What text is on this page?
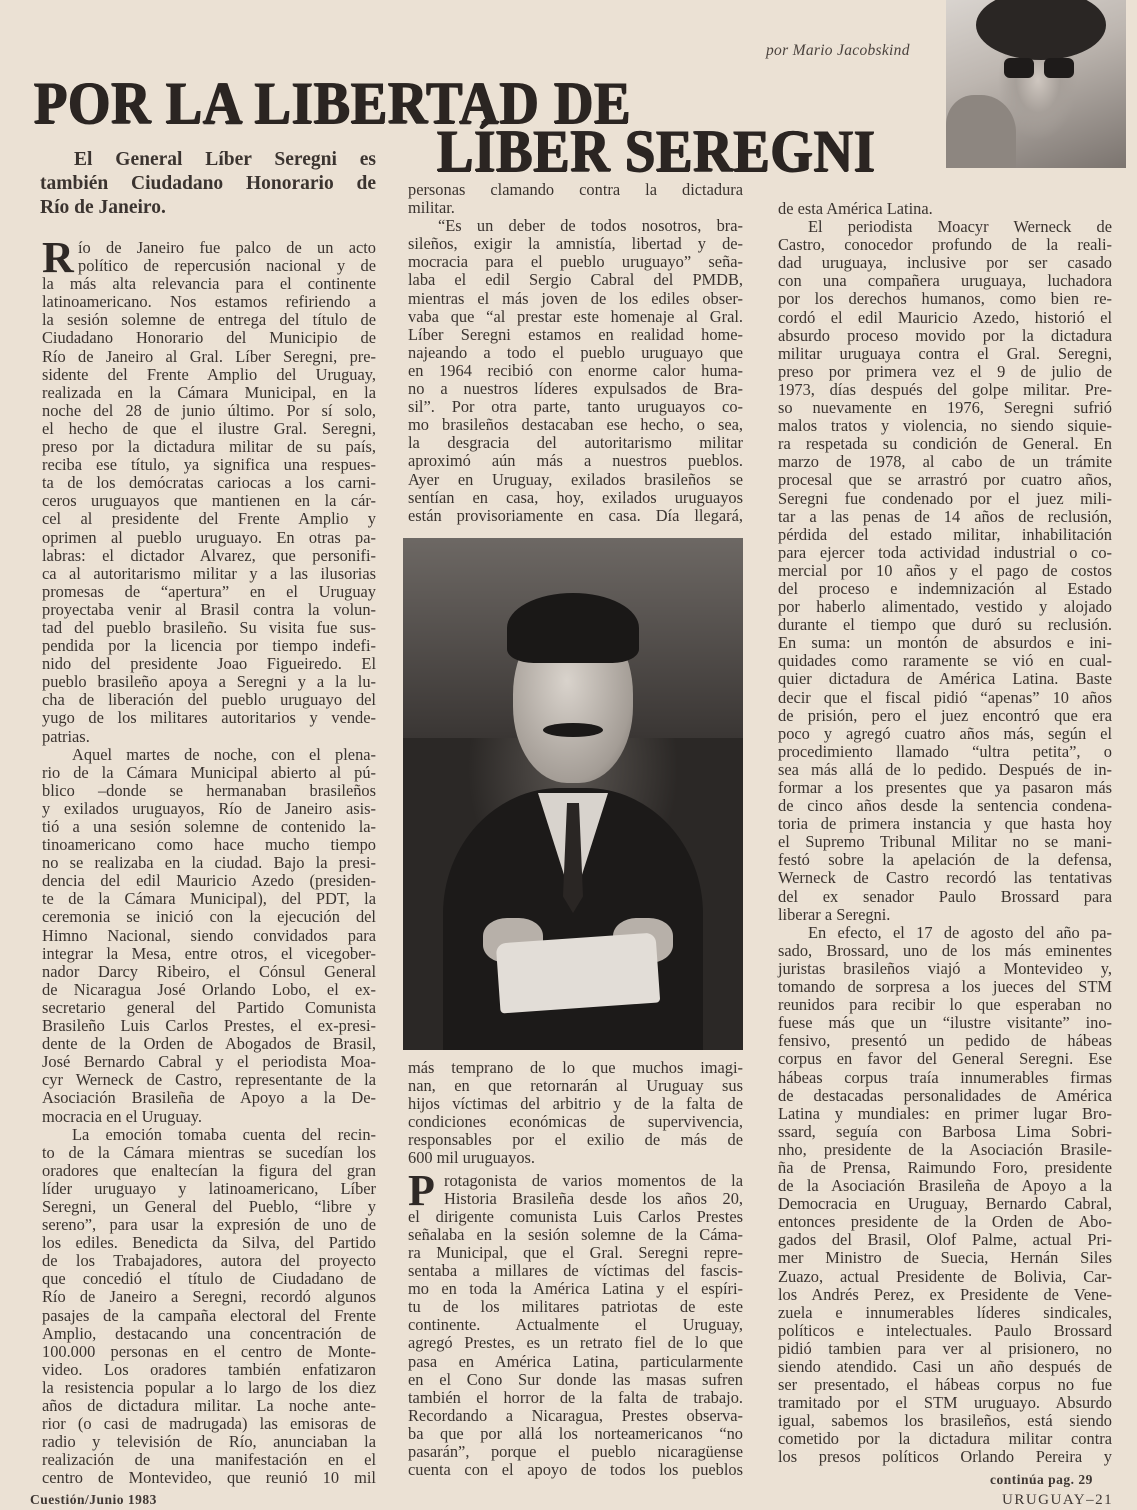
por Mario Jacobskind
POR LA LIBERTAD DE
LÍBER SEREGNI
El General Líber Seregni es
también Ciudadano Honorario de
Río de Janeiro.
R ío de Janeiro fue palco de un acto
político de repercusión nacional y de
la más alta relevancia para el continente
latinoamericano. Nos estamos refiriendo a
la sesión solemne de entrega del título de
Ciudadano Honorario del Municipio de
Río de Janeiro al Gral. Líber Seregni, pre-
sidente del Frente Amplio del Uruguay,
realizada en la Cámara Municipal, en la
noche del 28 de junio último. Por sí solo,
el hecho de que el ilustre Gral. Seregni,
preso por la dictadura militar de su país,
reciba ese título, ya significa una respues-
ta de los demócratas cariocas a los carni-
ceros uruguayos que mantienen en la cár-
cel al presidente del Frente Amplio y
oprimen al pueblo uruguayo. En otras pa-
labras: el dictador Alvarez, que personifi-
ca al autoritarismo militar y a las ilusorias
promesas de “apertura” en el Uruguay
proyectaba venir al Brasil contra la volun-
tad del pueblo brasileño. Su visita fue sus-
pendida por la licencia por tiempo indefi-
nido del presidente Joao Figueiredo. El
pueblo brasileño apoya a Seregni y a la lu-
cha de liberación del pueblo uruguayo del
yugo de los militares autoritarios y vende-
patrias.
Aquel martes de noche, con el plena-
rio de la Cámara Municipal abierto al pú-
blico –donde se hermanaban brasileños
y exilados uruguayos, Río de Janeiro asis-
tió a una sesión solemne de contenido la-
tinoamericano como hace mucho tiempo
no se realizaba en la ciudad. Bajo la presi-
dencia del edil Mauricio Azedo (presiden-
te de la Cámara Municipal), del PDT, la
ceremonia se inició con la ejecución del
Himno Nacional, siendo convidados para
integrar la Mesa, entre otros, el vicegober-
nador Darcy Ribeiro, el Cónsul General
de Nicaragua José Orlando Lobo, el ex-
secretario general del Partido Comunista
Brasileño Luis Carlos Prestes, el ex-presi-
dente de la Orden de Abogados de Brasil,
José Bernardo Cabral y el periodista Moa-
cyr Werneck de Castro, representante de la
Asociación Brasileña de Apoyo a la De-
mocracia en el Uruguay.
La emoción tomaba cuenta del recin-
to de la Cámara mientras se sucedían los
oradores que enaltecían la figura del gran
líder uruguayo y latinoamericano, Líber
Seregni, un General del Pueblo, “libre y
sereno”, para usar la expresión de uno de
los ediles. Benedicta da Silva, del Partido
de los Trabajadores, autora del proyecto
que concedió el título de Ciudadano de
Río de Janeiro a Seregni, recordó algunos
pasajes de la campaña electoral del Frente
Amplio, destacando una concentración de
100.000 personas en el centro de Monte-
video. Los oradores también enfatizaron
la resistencia popular a lo largo de los diez
años de dictadura militar. La noche ante-
rior (o casi de madrugada) las emisoras de
radio y televisión de Río, anunciaban la
realización de una manifestación en el
centro de Montevideo, que reunió 10 mil
personas clamando contra la dictadura
militar.
“Es un deber de todos nosotros, bra-
sileños, exigir la amnistía, libertad y de-
mocracia para el pueblo uruguayo” seña-
laba el edil Sergio Cabral del PMDB,
mientras el más joven de los ediles obser-
vaba que “al prestar este homenaje al Gral.
Líber Seregni estamos en realidad home-
najeando a todo el pueblo uruguayo que
en 1964 recibió con enorme calor huma-
no a nuestros líderes expulsados de Bra-
sil”. Por otra parte, tanto uruguayos co-
mo brasileños destacaban ese hecho, o sea,
la desgracia del autoritarismo militar
aproximó aún más a nuestros pueblos.
Ayer en Uruguay, exilados brasileños se
sentían en casa, hoy, exilados uruguayos
están provisoriamente en casa. Día llegará,
más temprano de lo que muchos imagi-
nan, en que retornarán al Uruguay sus
hijos víctimas del arbitrio y de la falta de
condiciones económicas de supervivencia,
responsables por el exilio de más de
600 mil uruguayos.
P rotagonista de varios momentos de la
Historia Brasileña desde los años 20,
el dirigente comunista Luis Carlos Prestes
señalaba en la sesión solemne de la Cáma-
ra Municipal, que el Gral. Seregni repre-
sentaba a millares de víctimas del fascis-
mo en toda la América Latina y el espíri-
tu de los militares patriotas de este
continente. Actualmente el Uruguay,
agregó Prestes, es un retrato fiel de lo que
pasa en América Latina, particularmente
en el Cono Sur donde las masas sufren
también el horror de la falta de trabajo.
Recordando a Nicaragua, Prestes observa-
ba que por allá los norteamericanos “no
pasarán”, porque el pueblo nicaragüense
cuenta con el apoyo de todos los pueblos
de esta América Latina.
El periodista Moacyr Werneck de
Castro, conocedor profundo de la reali-
dad uruguaya, inclusive por ser casado
con una compañera uruguaya, luchadora
por los derechos humanos, como bien re-
cordó el edil Mauricio Azedo, historió el
absurdo proceso movido por la dictadura
militar uruguaya contra el Gral. Seregni,
preso por primera vez el 9 de julio de
1973, días después del golpe militar. Pre-
so nuevamente en 1976, Seregni sufrió
malos tratos y violencia, no siendo siquie-
ra respetada su condición de General. En
marzo de 1978, al cabo de un trámite
procesal que se arrastró por cuatro años,
Seregni fue condenado por el juez mili-
tar a las penas de 14 años de reclusión,
pérdida del estado militar, inhabilitación
para ejercer toda actividad industrial o co-
mercial por 10 años y el pago de costos
del proceso e indemnización al Estado
por haberlo alimentado, vestido y alojado
durante el tiempo que duró su reclusión.
En suma: un montón de absurdos e ini-
quidades como raramente se vió en cual-
quier dictadura de América Latina. Baste
decir que el fiscal pidió “apenas” 10 años
de prisión, pero el juez encontró que era
poco y agregó cuatro años más, según el
procedimiento llamado “ultra petita”, o
sea más allá de lo pedido. Después de in-
formar a los presentes que ya pasaron más
de cinco años desde la sentencia condena-
toria de primera instancia y que hasta hoy
el Supremo Tribunal Militar no se mani-
festó sobre la apelación de la defensa,
Werneck de Castro recordó las tentativas
del ex senador Paulo Brossard para
liberar a Seregni.
En efecto, el 17 de agosto del año pa-
sado, Brossard, uno de los más eminentes
juristas brasileños viajó a Montevideo y,
tomando de sorpresa a los jueces del STM
reunidos para recibir lo que esperaban no
fuese más que un “ilustre visitante” ino-
fensivo, presentó un pedido de hábeas
corpus en favor del General Seregni. Ese
hábeas corpus traía innumerables firmas
de destacadas personalidades de América
Latina y mundiales: en primer lugar Bro-
ssard, seguía con Barbosa Lima Sobri-
nho, presidente de la Asociación Brasile-
ña de Prensa, Raimundo Foro, presidente
de la Asociación Brasileña de Apoyo a la
Democracia en Uruguay, Bernardo Cabral,
entonces presidente de la Orden de Abo-
gados del Brasil, Olof Palme, actual Pri-
mer Ministro de Suecia, Hernán Siles
Zuazo, actual Presidente de Bolivia, Car-
los Andrés Perez, ex Presidente de Vene-
zuela e innumerables líderes sindicales,
políticos e intelectuales. Paulo Brossard
pidió tambien para ver al prisionero, no
siendo atendido. Casi un año después de
ser presentado, el hábeas corpus no fue
tramitado por el STM uruguayo. Absurdo
igual, sabemos los brasileños, está siendo
cometido por la dictadura militar contra
los presos políticos Orlando Pereira y
continúa pag. 29
Cuestión/Junio 1983	URUGUAY–21
